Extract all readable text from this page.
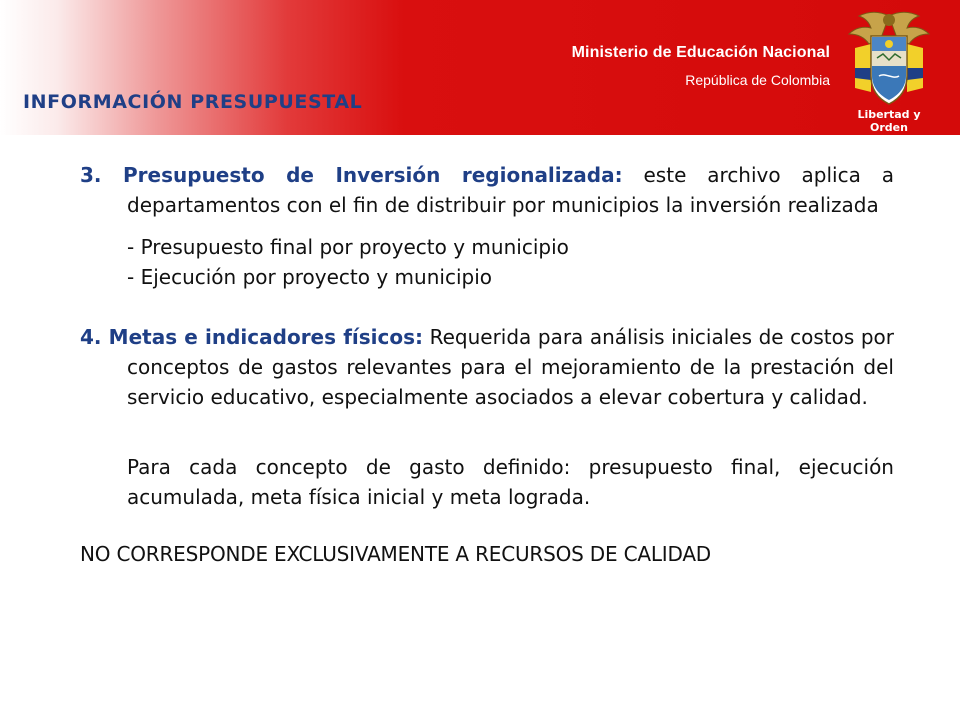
Ministerio de Educación Nacional
República de Colombia
Libertad y Orden
INFORMACIÓN PRESUPUESTAL

3. Presupuesto de Inversión regionalizada: este archivo aplica a departamentos con el fin de distribuir por municipios la inversión realizada

- Presupuesto final por proyecto y municipio
- Ejecución por proyecto y municipio

4. Metas e indicadores físicos: Requerida para análisis iniciales de costos por conceptos de gastos relevantes para el mejoramiento de la prestación del servicio educativo, especialmente asociados a elevar cobertura y calidad.

Para cada concepto de gasto definido: presupuesto final, ejecución acumulada, meta física inicial y meta lograda.

NO CORRESPONDE EXCLUSIVAMENTE A RECURSOS DE CALIDAD
